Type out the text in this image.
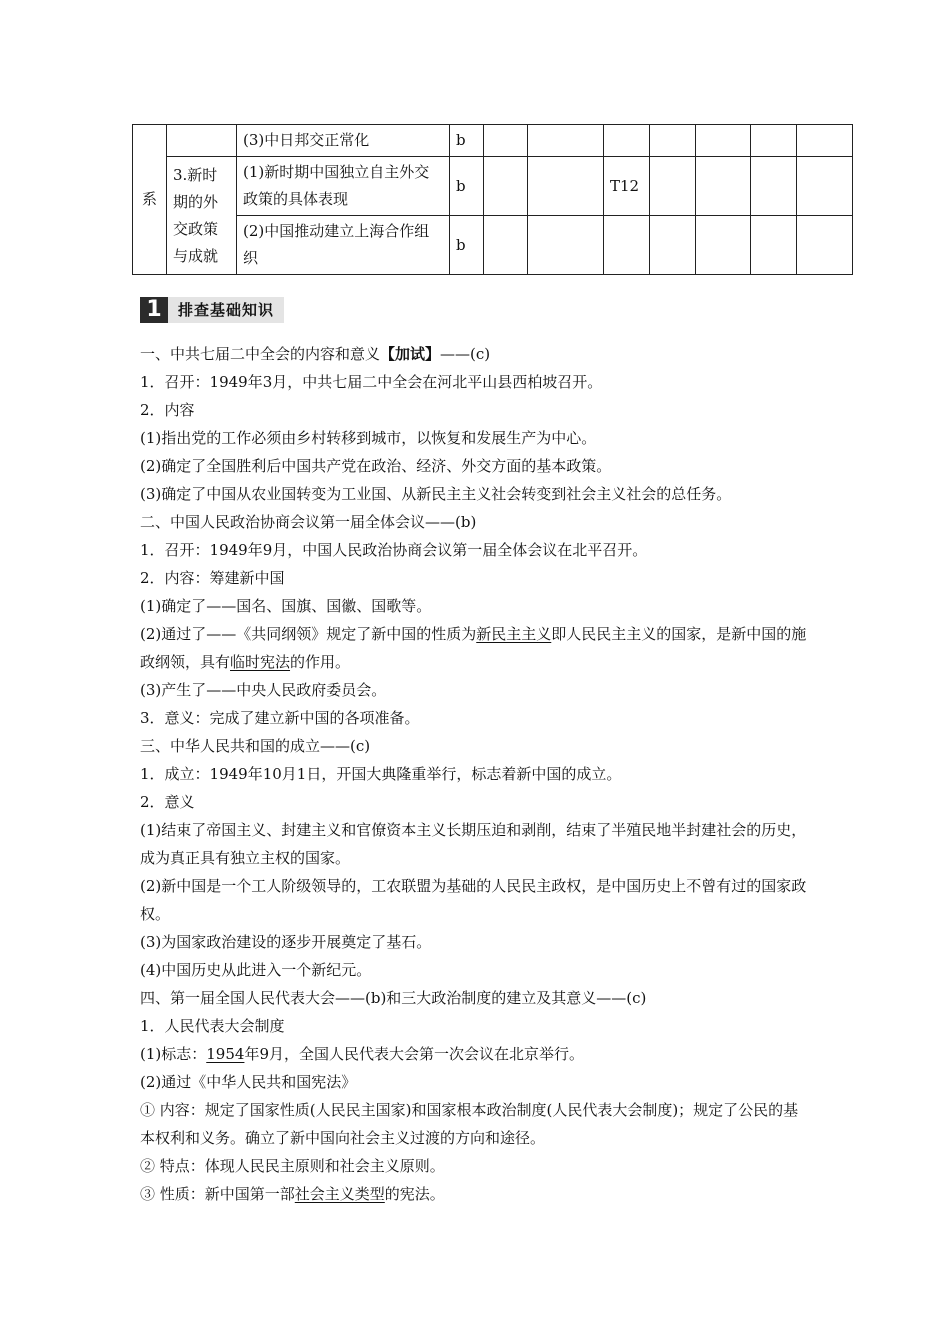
系		(3)中日邦交正常化	b							
	3.新时期的外交政策与成就	(1)新时期中国独立自主外交政策的具体表现	b			T12				
		(2)中国推动建立上海合作组织	b							
1	排查基础知识

一、中共七届二中全会的内容和意义【加试】——(c)

1．召开：1949年3月，中共七届二中全会在河北平山县西柏坡召开。

2．内容

(1)指出党的工作必须由乡村转移到城市，以恢复和发展生产为中心。

(2)确定了全国胜利后中国共产党在政治、经济、外交方面的基本政策。

(3)确定了中国从农业国转变为工业国、从新民主主义社会转变到社会主义社会的总任务。

二、中国人民政治协商会议第一届全体会议——(b)

1．召开：1949年9月，中国人民政治协商会议第一届全体会议在北平召开。

2．内容：筹建新中国

(1)确定了——国名、国旗、国徽、国歌等。

(2)通过了——《共同纲领》规定了新中国的性质为新民主主义即人民民主主义的国家，是新中国的施政纲领，具有临时宪法的作用。

(3)产生了——中央人民政府委员会。

3．意义：完成了建立新中国的各项准备。

三、中华人民共和国的成立——(c)

1．成立：1949年10月1日，开国大典隆重举行，标志着新中国的成立。

2．意义

(1)结束了帝国主义、封建主义和官僚资本主义长期压迫和剥削，结束了半殖民地半封建社会的历史，成为真正具有独立主权的国家。

(2)新中国是一个工人阶级领导的，工农联盟为基础的人民民主政权，是中国历史上不曾有过的国家政权。

(3)为国家政治建设的逐步开展奠定了基石。

(4)中国历史从此进入一个新纪元。

四、第一届全国人民代表大会——(b)和三大政治制度的建立及其意义——(c)

1．人民代表大会制度

(1)标志：1954年9月，全国人民代表大会第一次会议在北京举行。

(2)通过《中华人民共和国宪法》

① 内容：规定了国家性质(人民民主国家)和国家根本政治制度(人民代表大会制度)；规定了公民的基本权利和义务。确立了新中国向社会主义过渡的方向和途径。

② 特点：体现人民民主原则和社会主义原则。

③ 性质：新中国第一部社会主义类型的宪法。
